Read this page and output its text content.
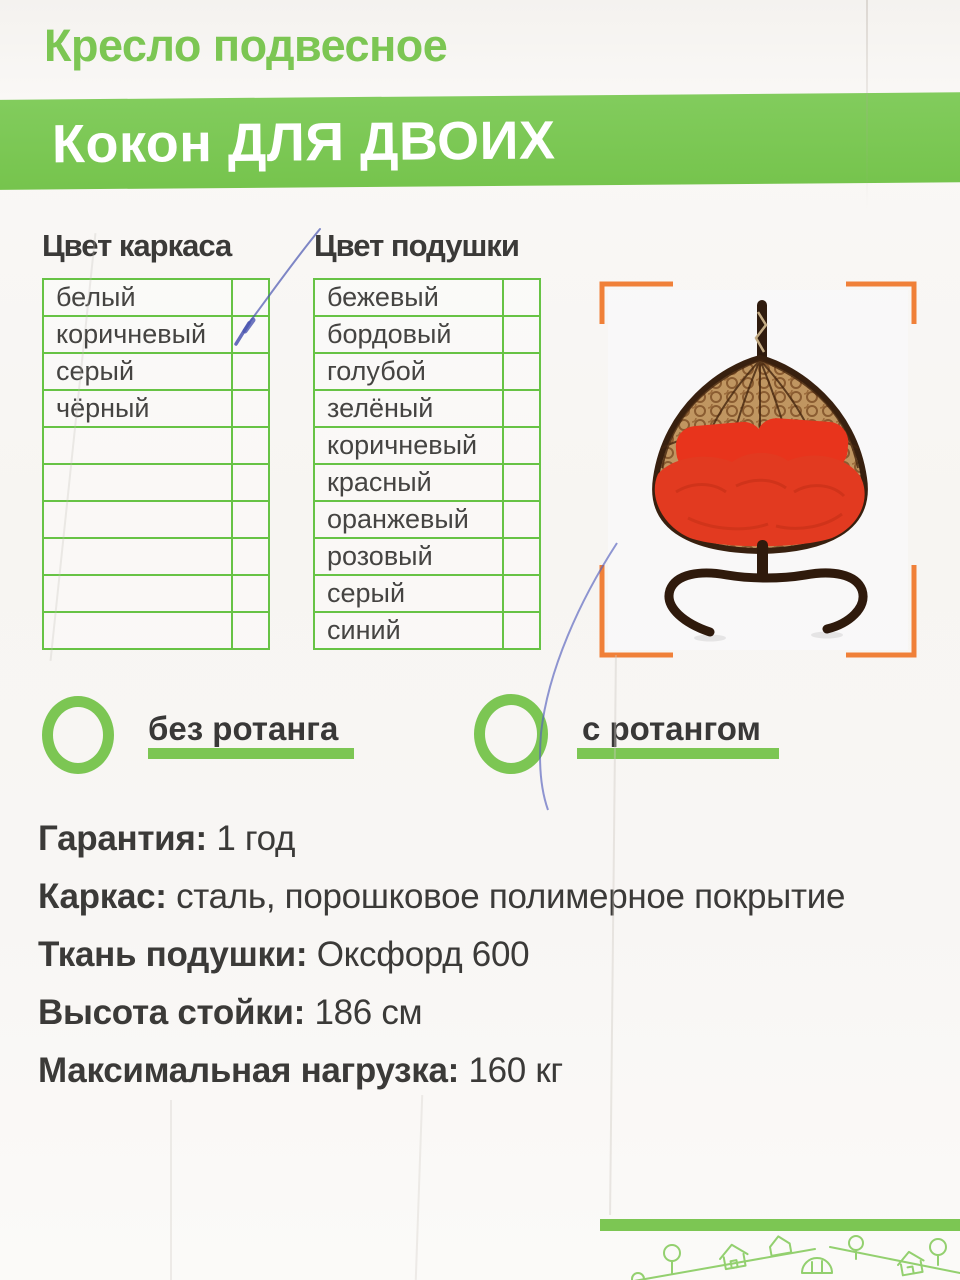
Кресло подвесное
Кокон ДЛЯ ДВОИХ
Цвет каркаса	Цвет подушки
белый
коричневый
серый
чёрный
бежевый
бордовый
голубой
зелёный
коричневый
красный
оранжевый
розовый
серый
синий
без ротанга	с ротангом
Гарантия: 1 год
Каркас: сталь, порошковое полимерное покрытие
Ткань подушки: Оксфорд 600
Высота стойки: 186 см
Максимальная нагрузка: 160 кг
